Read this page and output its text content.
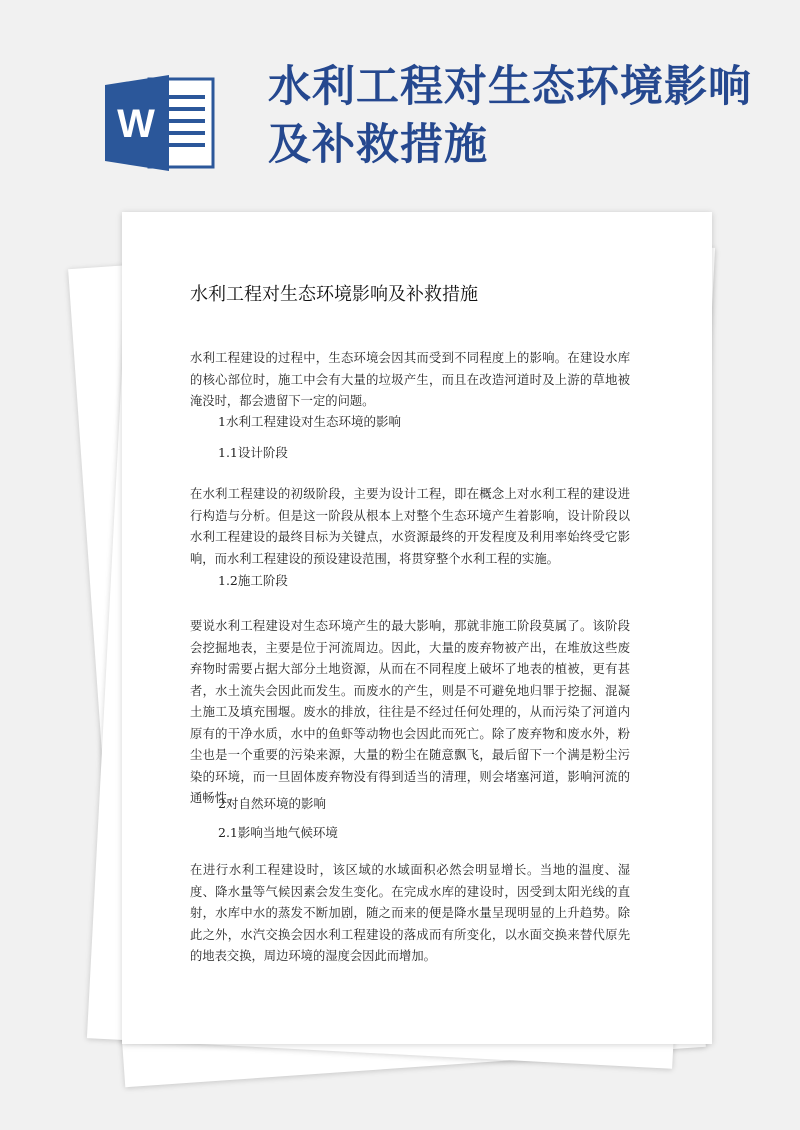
W
水利工程对生态环境影响及补救措施
水利工程对生态环境影响及补救措施

水利工程建设的过程中，生态环境会因其而受到不同程度上的影响。在建设水库的核心部位时，施工中会有大量的垃圾产生，而且在改造河道时及上游的草地被淹没时，都会遗留下一定的问题。

1水利工程建设对生态环境的影响

1.1设计阶段

在水利工程建设的初级阶段，主要为设计工程，即在概念上对水利工程的建设进行构造与分析。但是这一阶段从根本上对整个生态环境产生着影响，设计阶段以水利工程建设的最终目标为关键点，水资源最终的开发程度及利用率始终受它影响，而水利工程建设的预设建设范围，将贯穿整个水利工程的实施。

1.2施工阶段

要说水利工程建设对生态环境产生的最大影响，那就非施工阶段莫属了。该阶段会挖掘地表，主要是位于河流周边。因此，大量的废弃物被产出，在堆放这些废弃物时需要占据大部分土地资源，从而在不同程度上破坏了地表的植被，更有甚者，水土流失会因此而发生。而废水的产生，则是不可避免地归罪于挖掘、混凝土施工及填充围堰。废水的排放，往往是不经过任何处理的，从而污染了河道内原有的干净水质，水中的鱼虾等动物也会因此而死亡。除了废弃物和废水外，粉尘也是一个重要的污染来源，大量的粉尘在随意飘飞，最后留下一个满是粉尘污染的环境，而一旦固体废弃物没有得到适当的清理，则会堵塞河道，影响河流的通畅性。

2对自然环境的影响

2.1影响当地气候环境

在进行水利工程建设时，该区域的水域面积必然会明显增长。当地的温度、湿度、降水量等气候因素会发生变化。在完成水库的建设时，因受到太阳光线的直射，水库中水的蒸发不断加剧，随之而来的便是降水量呈现明显的上升趋势。除此之外，水汽交换会因水利工程建设的落成而有所变化，以水面交换来替代原先的地表交换，周边环境的湿度会因此而增加。
